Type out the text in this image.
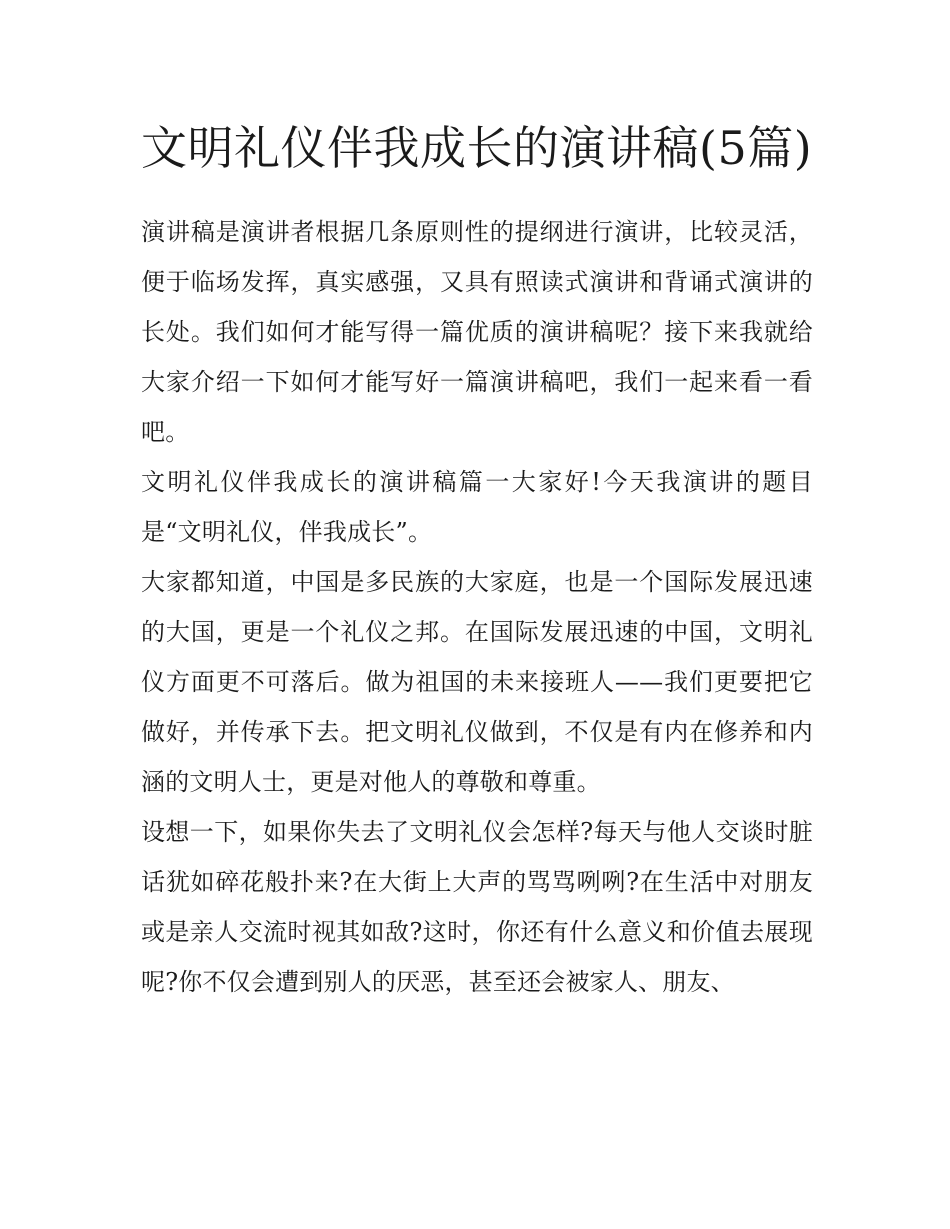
文明礼仪伴我成长的演讲稿(5篇)

演讲稿是演讲者根据几条原则性的提纲进行演讲，比较灵活，便于临场发挥，真实感强，又具有照读式演讲和背诵式演讲的长处。我们如何才能写得一篇优质的演讲稿呢？接下来我就给大家介绍一下如何才能写好一篇演讲稿吧，我们一起来看一看吧。

文明礼仪伴我成长的演讲稿篇一大家好!今天我演讲的题目是“文明礼仪，伴我成长”。

大家都知道，中国是多民族的大家庭，也是一个国际发展迅速的大国，更是一个礼仪之邦。在国际发展迅速的中国，文明礼仪方面更不可落后。做为祖国的未来接班人——我们更要把它做好，并传承下去。把文明礼仪做到，不仅是有内在修养和内涵的文明人士，更是对他人的尊敬和尊重。

设想一下，如果你失去了文明礼仪会怎样?每天与他人交谈时脏话犹如碎花般扑来?在大街上大声的骂骂咧咧?在生活中对朋友或是亲人交流时视其如敌?这时，你还有什么意义和价值去展现呢?你不仅会遭到别人的厌恶，甚至还会被家人、朋友、
